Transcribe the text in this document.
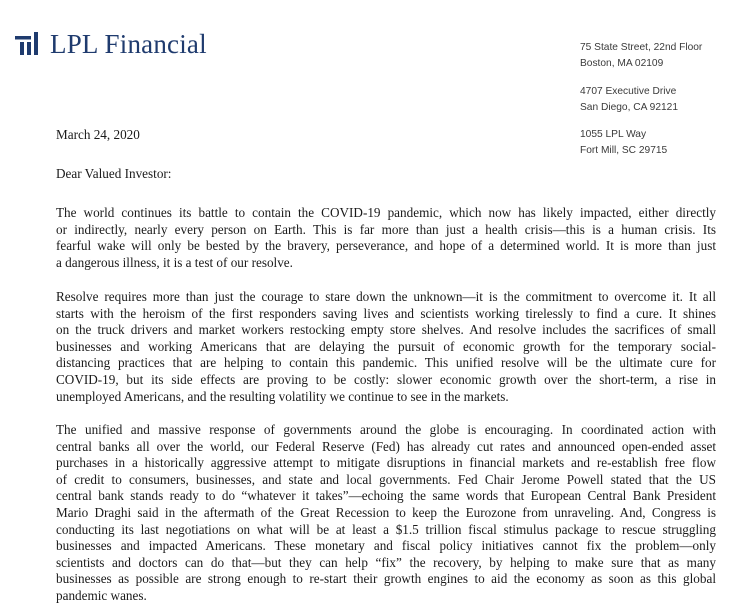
LPL Financial	75 State Street, 22nd Floor
Boston, MA 02109
4707 Executive Drive
San Diego, CA 92121
1055 LPL Way
Fort Mill, SC 29715
March 24, 2020
Dear Valued Investor:
The world continues its battle to contain the COVID-19 pandemic, which now has likely impacted, either directly
or indirectly, nearly every person on Earth. This is far more than just a health crisis—this is a human crisis. Its
fearful wake will only be bested by the bravery, perseverance, and hope of a determined world. It is more than just
a dangerous illness, it is a test of our resolve.
Resolve requires more than just the courage to stare down the unknown—it is the commitment to overcome it. It all
starts with the heroism of the first responders saving lives and scientists working tirelessly to find a cure. It shines
on the truck drivers and market workers restocking empty store shelves. And resolve includes the sacrifices of small
businesses and working Americans that are delaying the pursuit of economic growth for the temporary social-
distancing practices that are helping to contain this pandemic. This unified resolve will be the ultimate cure for
COVID-19, but its side effects are proving to be costly: slower economic growth over the short-term, a rise in
unemployed Americans, and the resulting volatility we continue to see in the markets.
The unified and massive response of governments around the globe is encouraging. In coordinated action with
central banks all over the world, our Federal Reserve (Fed) has already cut rates and announced open-ended asset
purchases in a historically aggressive attempt to mitigate disruptions in financial markets and re-establish free flow
of credit to consumers, businesses, and state and local governments. Fed Chair Jerome Powell stated that the US
central bank stands ready to do “whatever it takes”—echoing the same words that European Central Bank President
Mario Draghi said in the aftermath of the Great Recession to keep the Eurozone from unraveling. And, Congress is
conducting its last negotiations on what will be at least a $1.5 trillion fiscal stimulus package to rescue struggling
businesses and impacted Americans. These monetary and fiscal policy initiatives cannot fix the problem—only
scientists and doctors can do that—but they can help “fix” the recovery, by helping to make sure that as many
businesses as possible are strong enough to re-start their growth engines to aid the economy as soon as this global
pandemic wanes.
